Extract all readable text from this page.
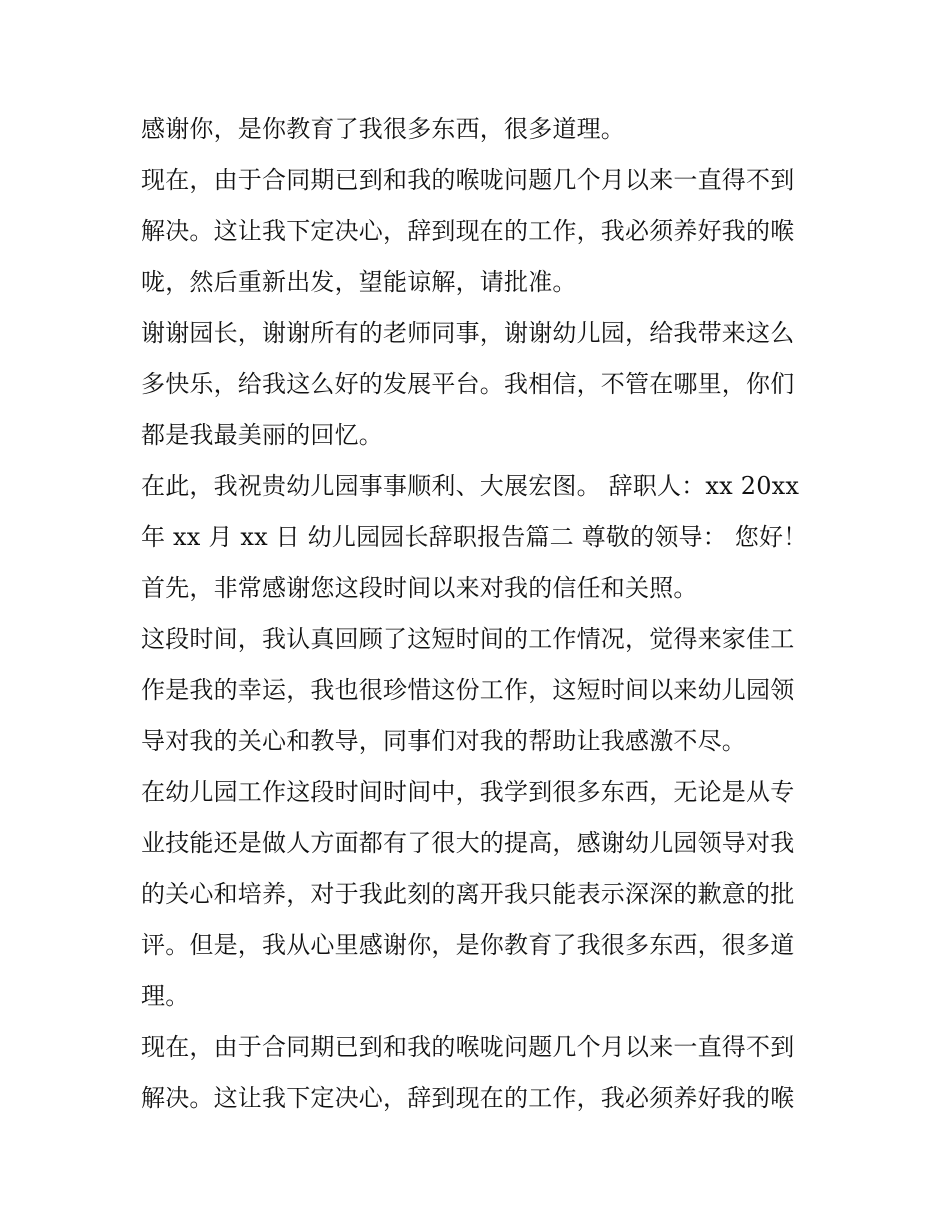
感谢你，是你教育了我很多东西，很多道理。
现在，由于合同期已到和我的喉咙问题几个月以来一直得不到
解决。这让我下定决心，辞到现在的工作，我必须养好我的喉
咙，然后重新出发，望能谅解，请批准。
谢谢园长，谢谢所有的老师同事，谢谢幼儿园，给我带来这么
多快乐，给我这么好的发展平台。我相信，不管在哪里，你们
都是我最美丽的回忆。
在此，我祝贵幼儿园事事顺利、大展宏图。 辞职人：xx 20xx
年 xx 月 xx 日 幼儿园园长辞职报告篇二 尊敬的领导： 您好！
首先，非常感谢您这段时间以来对我的信任和关照。
这段时间，我认真回顾了这短时间的工作情况，觉得来家佳工
作是我的幸运，我也很珍惜这份工作，这短时间以来幼儿园领
导对我的关心和教导，同事们对我的帮助让我感激不尽。
在幼儿园工作这段时间时间中，我学到很多东西，无论是从专
业技能还是做人方面都有了很大的提高，感谢幼儿园领导对我
的关心和培养，对于我此刻的离开我只能表示深深的歉意的批
评。但是，我从心里感谢你，是你教育了我很多东西，很多道
理。
现在，由于合同期已到和我的喉咙问题几个月以来一直得不到
解决。这让我下定决心，辞到现在的工作，我必须养好我的喉
